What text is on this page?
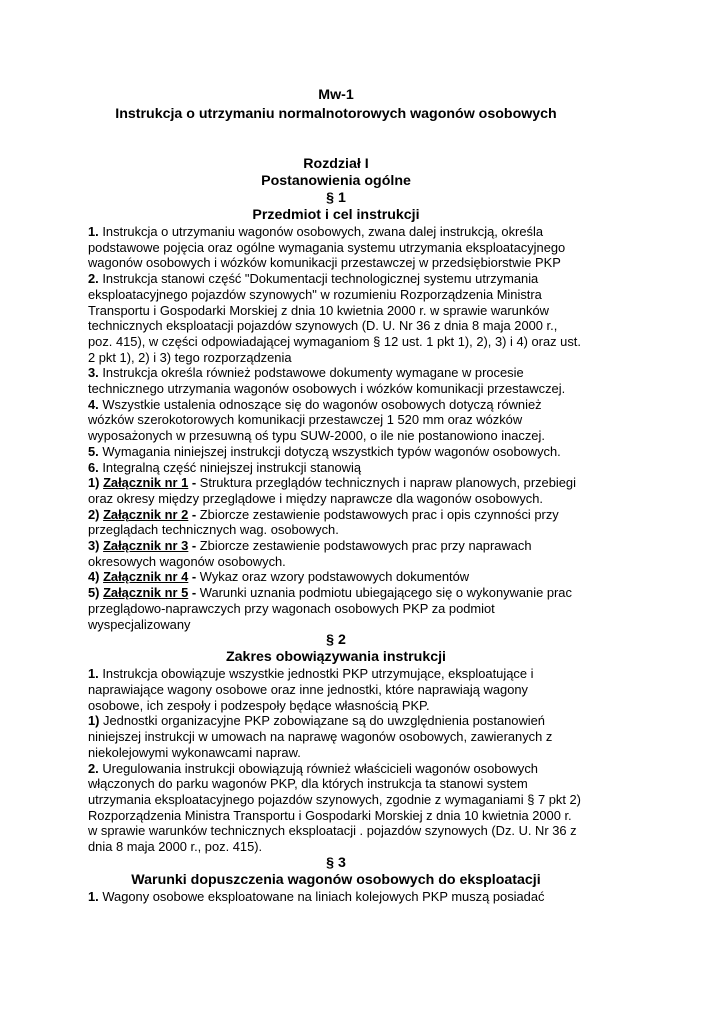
Mw-1
Instrukcja o utrzymaniu normalnotorowych wagonów osobowych
Rozdział I
Postanowienia ogólne
§ 1
Przedmiot i cel instrukcji

1. Instrukcja o utrzymaniu wagonów osobowych, zwana dalej instrukcją, określa podstawowe pojęcia oraz ogólne wymagania systemu utrzymania eksploatacyjnego wagonów osobowych i wózków komunikacji przestawczej w przedsiębiorstwie PKP

2. Instrukcja stanowi część "Dokumentacji technologicznej systemu utrzymania eksploatacyjnego pojazdów szynowych" w rozumieniu Rozporządzenia Ministra Transportu i Gospodarki Morskiej z dnia 10 kwietnia 2000 r. w sprawie warunków technicznych eksploatacji pojazdów szynowych (D. U. Nr 36 z dnia 8 maja 2000 r., poz. 415), w części odpowiadającej wymaganiom § 12 ust. 1 pkt 1), 2), 3) i 4) oraz ust. 2 pkt 1), 2) i 3) tego rozporządzenia

3. Instrukcja określa również podstawowe dokumenty wymagane w procesie technicznego utrzymania wagonów osobowych i wózków komunikacji przestawczej.

4. Wszystkie ustalenia odnoszące się do wagonów osobowych dotyczą również wózków szerokotorowych komunikacji przestawczej 1 520 mm oraz wózków wyposażonych w przesuwną oś typu SUW-2000, o ile nie postanowiono inaczej.

5. Wymagania niniejszej instrukcji dotyczą wszystkich typów wagonów osobowych.

6. Integralną część niniejszej instrukcji stanowią

1) Załącznik nr 1 - Struktura przeglądów technicznych i napraw planowych, przebiegi oraz okresy między przeglądowe i między naprawcze dla wagonów osobowych.

2) Załącznik nr 2 - Zbiorcze zestawienie podstawowych prac i opis czynności przy przeglądach technicznych wag. osobowych.

3) Załącznik nr 3 - Zbiorcze zestawienie podstawowych prac przy naprawach okresowych wagonów osobowych.

4) Załącznik nr 4 - Wykaz oraz wzory podstawowych dokumentów

5) Załącznik nr 5 - Warunki uznania podmiotu ubiegającego się o wykonywanie prac przeglądowo-naprawczych przy wagonach osobowych PKP za podmiot wyspecjalizowany

§ 2
Zakres obowiązywania instrukcji

1. Instrukcja obowiązuje wszystkie jednostki PKP utrzymujące, eksploatujące i naprawiające wagony osobowe oraz inne jednostki, które naprawiają wagony osobowe, ich zespoły i podzespoły będące własnością PKP.

1) Jednostki organizacyjne PKP zobowiązane są do uwzględnienia postanowień niniejszej instrukcji w umowach na naprawę wagonów osobowych, zawieranych z niekolejowymi wykonawcami napraw.

2. Uregulowania instrukcji obowiązują również właścicieli wagonów osobowych włączonych do parku wagonów PKP, dla których instrukcja ta stanowi system utrzymania eksploatacyjnego pojazdów szynowych, zgodnie z wymaganiami § 7 pkt 2) Rozporządzenia Ministra Transportu i Gospodarki Morskiej z dnia 10 kwietnia 2000 r. w sprawie warunków technicznych eksploatacji . pojazdów szynowych (Dz. U. Nr 36 z dnia 8 maja 2000 r., poz. 415).

§ 3
Warunki dopuszczenia wagonów osobowych do eksploatacji

1. Wagony osobowe eksploatowane na liniach kolejowych PKP muszą posiadać
